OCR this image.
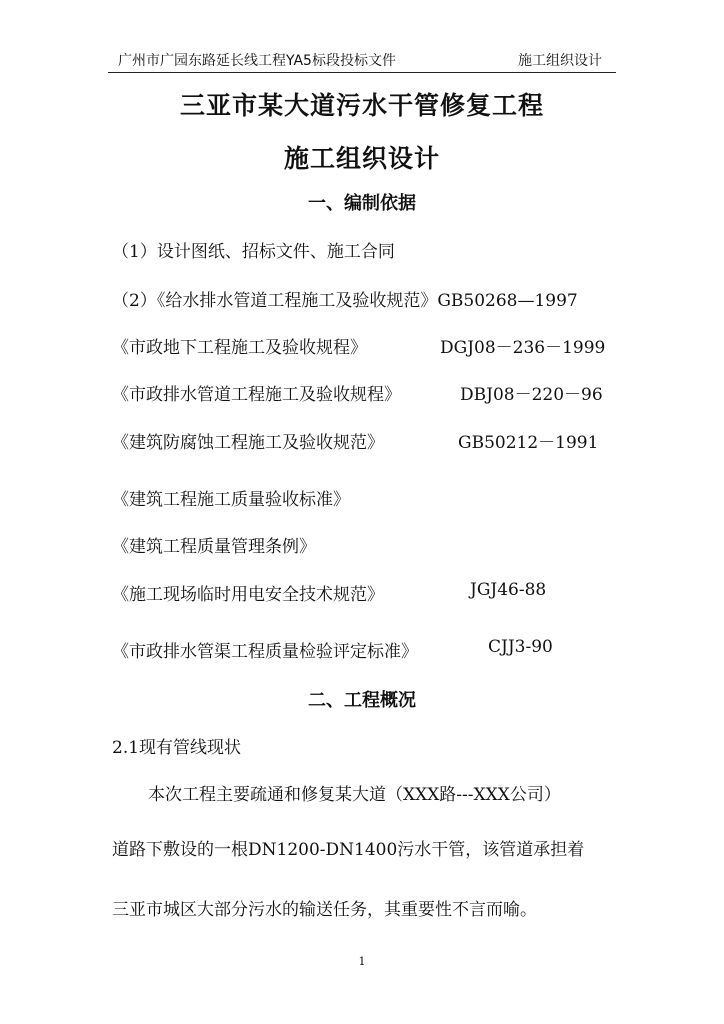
广州市广园东路延长线工程YA5标段投标文件	施工组织设计
三亚市某大道污水干管修复工程
施工组织设计
一、编制依据
（1）设计图纸、招标文件、施工合同
（2）《给水排水管道工程施工及验收规范》GB50268—1997
《市政地下工程施工及验收规程》	DGJ08－236－1999
《市政排水管道工程施工及验收规程》	DBJ08－220－96
《建筑防腐蚀工程施工及验收规范》	GB50212－1991
《建筑工程施工质量验收标准》
《建筑工程质量管理条例》
《施工现场临时用电安全技术规范》	JGJ46-88
《市政排水管渠工程质量检验评定标准》	CJJ3-90
二、工程概况
2.1现有管线现状
本次工程主要疏通和修复某大道（XXX路---XXX公司）
道路下敷设的一根DN1200-DN1400污水干管，该管道承担着
三亚市城区大部分污水的输送任务，其重要性不言而喻。
1
